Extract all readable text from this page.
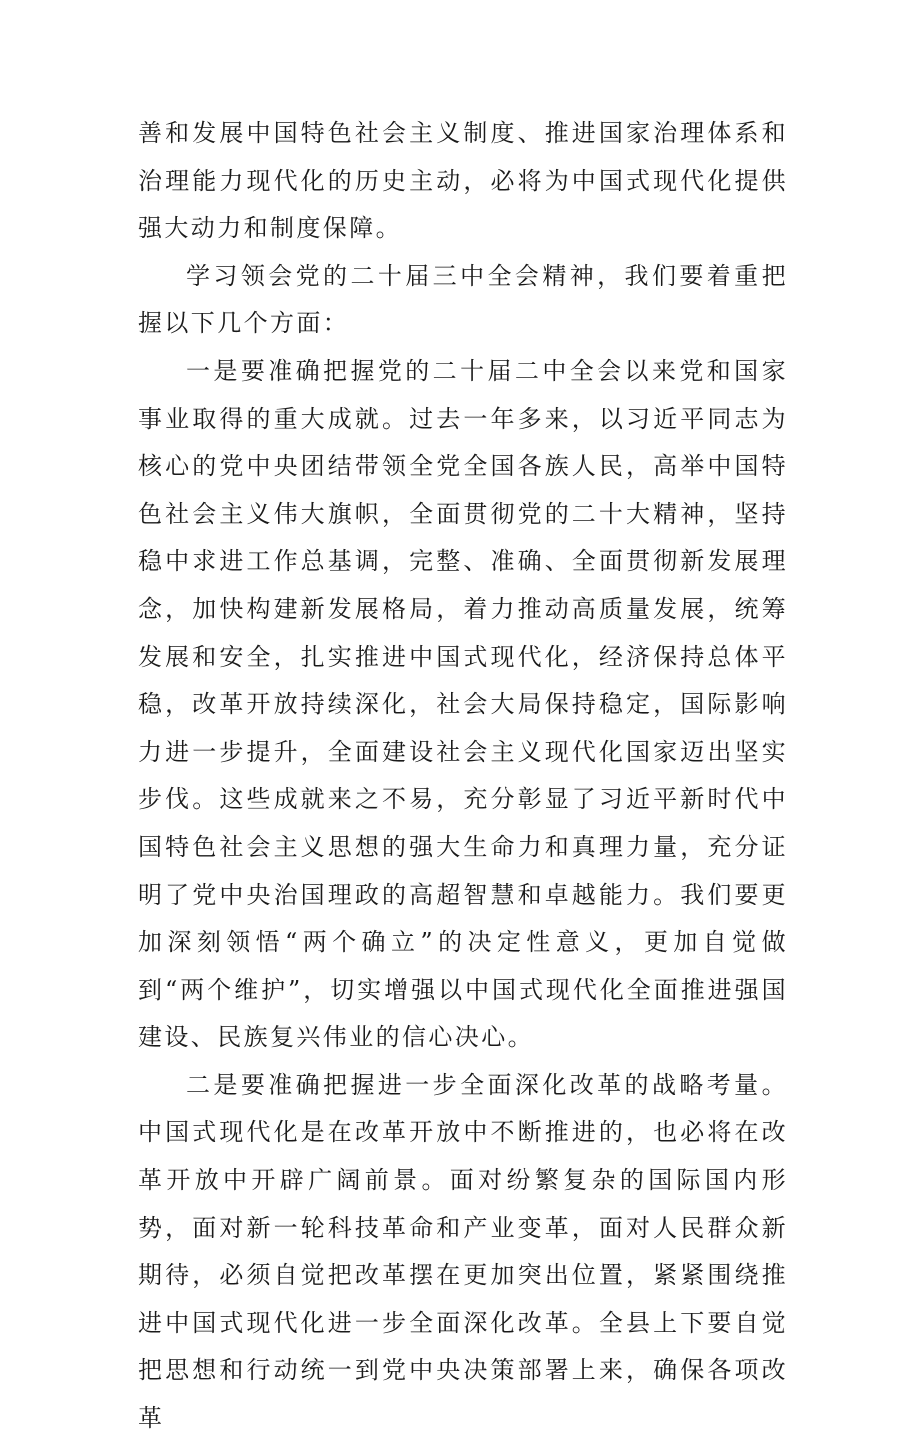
善和发展中国特色社会主义制度、推进国家治理体系和治理能力现代化的历史主动，必将为中国式现代化提供强大动力和制度保障。

学习领会党的二十届三中全会精神，我们要着重把握以下几个方面：

一是要准确把握党的二十届二中全会以来党和国家事业取得的重大成就。过去一年多来，以习近平同志为核心的党中央团结带领全党全国各族人民，高举中国特色社会主义伟大旗帜，全面贯彻党的二十大精神，坚持稳中求进工作总基调，完整、准确、全面贯彻新发展理念，加快构建新发展格局，着力推动高质量发展，统筹发展和安全，扎实推进中国式现代化，经济保持总体平稳，改革开放持续深化，社会大局保持稳定，国际影响力进一步提升，全面建设社会主义现代化国家迈出坚实步伐。这些成就来之不易，充分彰显了习近平新时代中国特色社会主义思想的强大生命力和真理力量，充分证明了党中央治国理政的高超智慧和卓越能力。我们要更加深刻领悟“两个确立”的决定性意义，更加自觉做到“两个维护”，切实增强以中国式现代化全面推进强国建设、民族复兴伟业的信心决心。

二是要准确把握进一步全面深化改革的战略考量。中国式现代化是在改革开放中不断推进的，也必将在改革开放中开辟广阔前景。面对纷繁复杂的国际国内形势，面对新一轮科技革命和产业变革，面对人民群众新期待，必须自觉把改革摆在更加突出位置，紧紧围绕推进中国式现代化进一步全面深化改革。全县上下要自觉把思想和行动统一到党中央决策部署上来，确保各项改革
